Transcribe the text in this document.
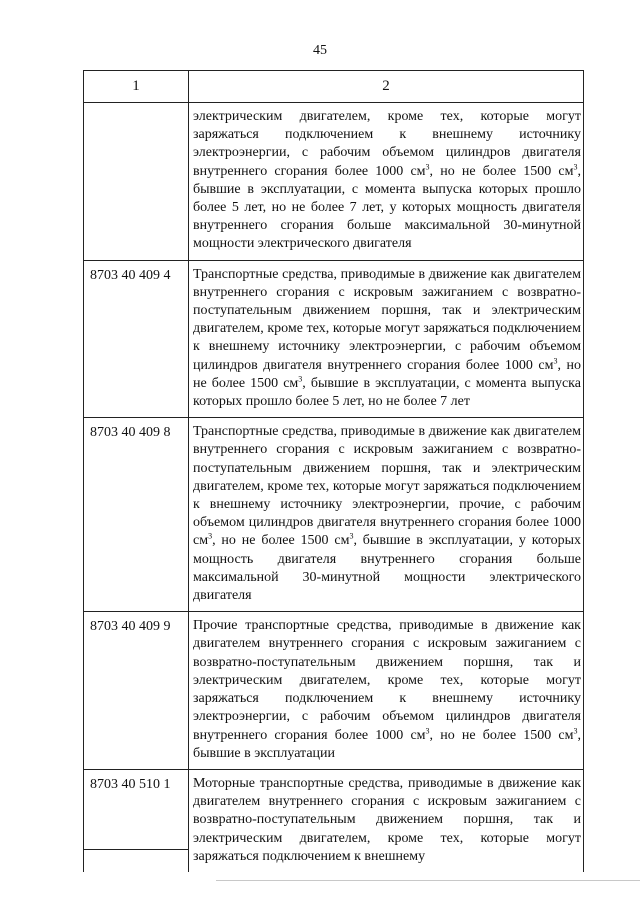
45
1	2
	электрическим двигателем, кроме тех, которые могут заряжаться подключением к внешнему источнику электроэнергии, с рабочим объемом цилиндров двигателя внутреннего сгорания более 1000 $см^3$, но не более 1500 $см^3$, бывшие в эксплуатации, с момента выпуска которых прошло более 5 лет, но не более 7 лет, у которых мощность двигателя внутреннего сгорания больше максимальной 30-минутной мощности электрического двигателя
8703 40 409 4	Транспортные средства, приводимые в движение как двигателем внутреннего сгорания с искровым зажиганием с возвратно-поступательным движением поршня, так и электрическим двигателем, кроме тех, которые могут заряжаться подключением к внешнему источнику электроэнергии, с рабочим объемом цилиндров двигателя внутреннего сгорания более 1000 $см^3$, но не более 1500 $см^3$, бывшие в эксплуатации, с момента выпуска которых прошло более 5 лет, но не более 7 лет
8703 40 409 8	Транспортные средства, приводимые в движение как двигателем внутреннего сгорания с искровым зажиганием с возвратно-поступательным движением поршня, так и электрическим двигателем, кроме тех, которые могут заряжаться подключением к внешнему источнику электроэнергии, прочие, с рабочим объемом цилиндров двигателя внутреннего сгорания более 1000 $см^3$, но не более 1500 $см^3$, бывшие в эксплуатации, у которых мощность двигателя внутреннего сгорания больше максимальной 30-минутной мощности электрического двигателя
8703 40 409 9	Прочие транспортные средства, приводимые в движение как двигателем внутреннего сгорания с искровым зажиганием с возвратно-поступательным движением поршня, так и электрическим двигателем, кроме тех, которые могут заряжаться подключением к внешнему источнику электроэнергии, с рабочим объемом цилиндров двигателя внутреннего сгорания более 1000 $см^3$, но не более 1500 $см^3$, бывшие в эксплуатации
8703 40 510 1	Моторные транспортные средства, приводимые в движение как двигателем внутреннего сгорания с искровым зажиганием с возвратно-поступательным движением поршня, так и электрическим двигателем, кроме тех, которые могут заряжаться подключением к внешнему
